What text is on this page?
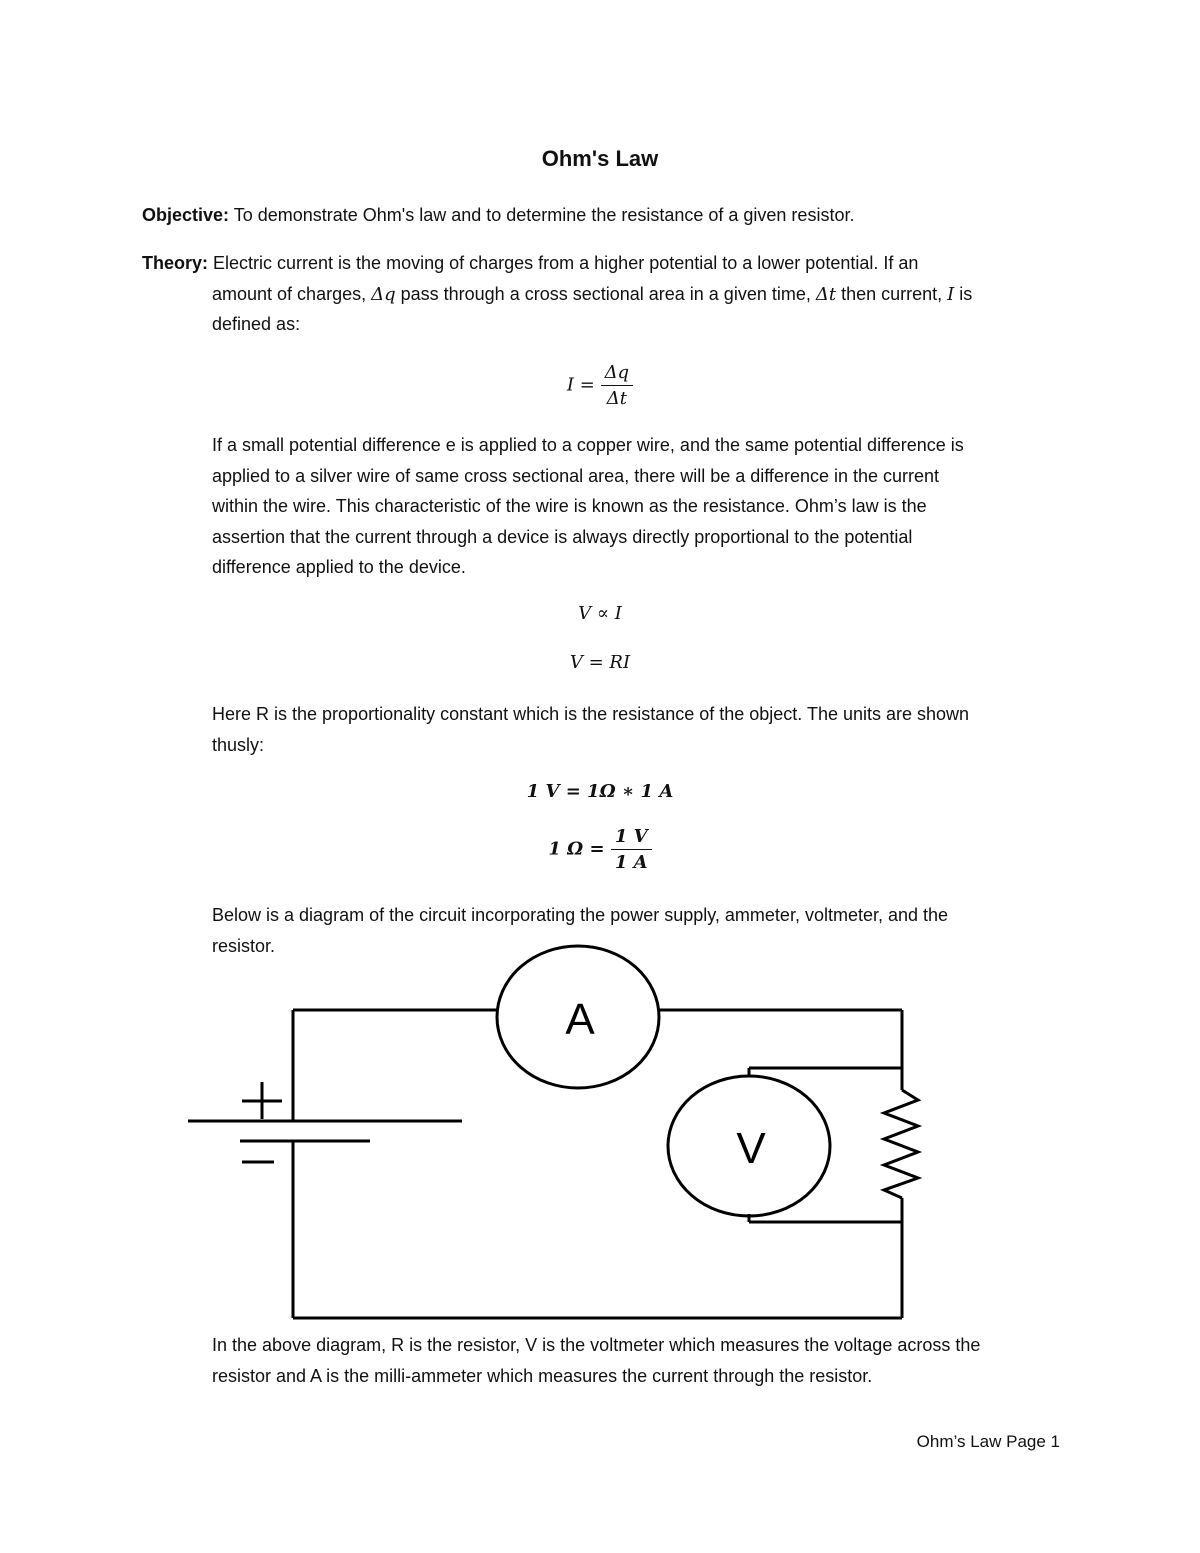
Ohm's Law

Objective: To demonstrate Ohm's law and to determine the resistance of a given resistor.

Theory: Electric current is the moving of charges from a higher potential to a lower potential. If an

amount of charges, Δq pass through a cross sectional area in a given time, Δt then current, I is

defined as:

$I = \frac{\Delta q}{\Delta t}$
If a small potential difference e is applied to a copper wire, and the same potential difference is
applied to a silver wire of same cross sectional area, there will be a difference in the current
within the wire. This characteristic of the wire is known as the resistance. Ohm’s law is the
assertion that the current through a device is always directly proportional to the potential
difference applied to the device.
V ∝ I
V = RI
Here R is the proportionality constant which is the resistance of the object. The units are shown
thusly:
1 V = 1Ω ∗ 1 A
1 Ω =
1 V
1 A
Below is a diagram of the circuit incorporating the power supply, ammeter, voltmeter, and the
resistor.
A
V
In the above diagram, R is the resistor, V is the voltmeter which measures the voltage across the
resistor and A is the milli-ammeter which measures the current through the resistor.
Ohm’s Law Page 1
